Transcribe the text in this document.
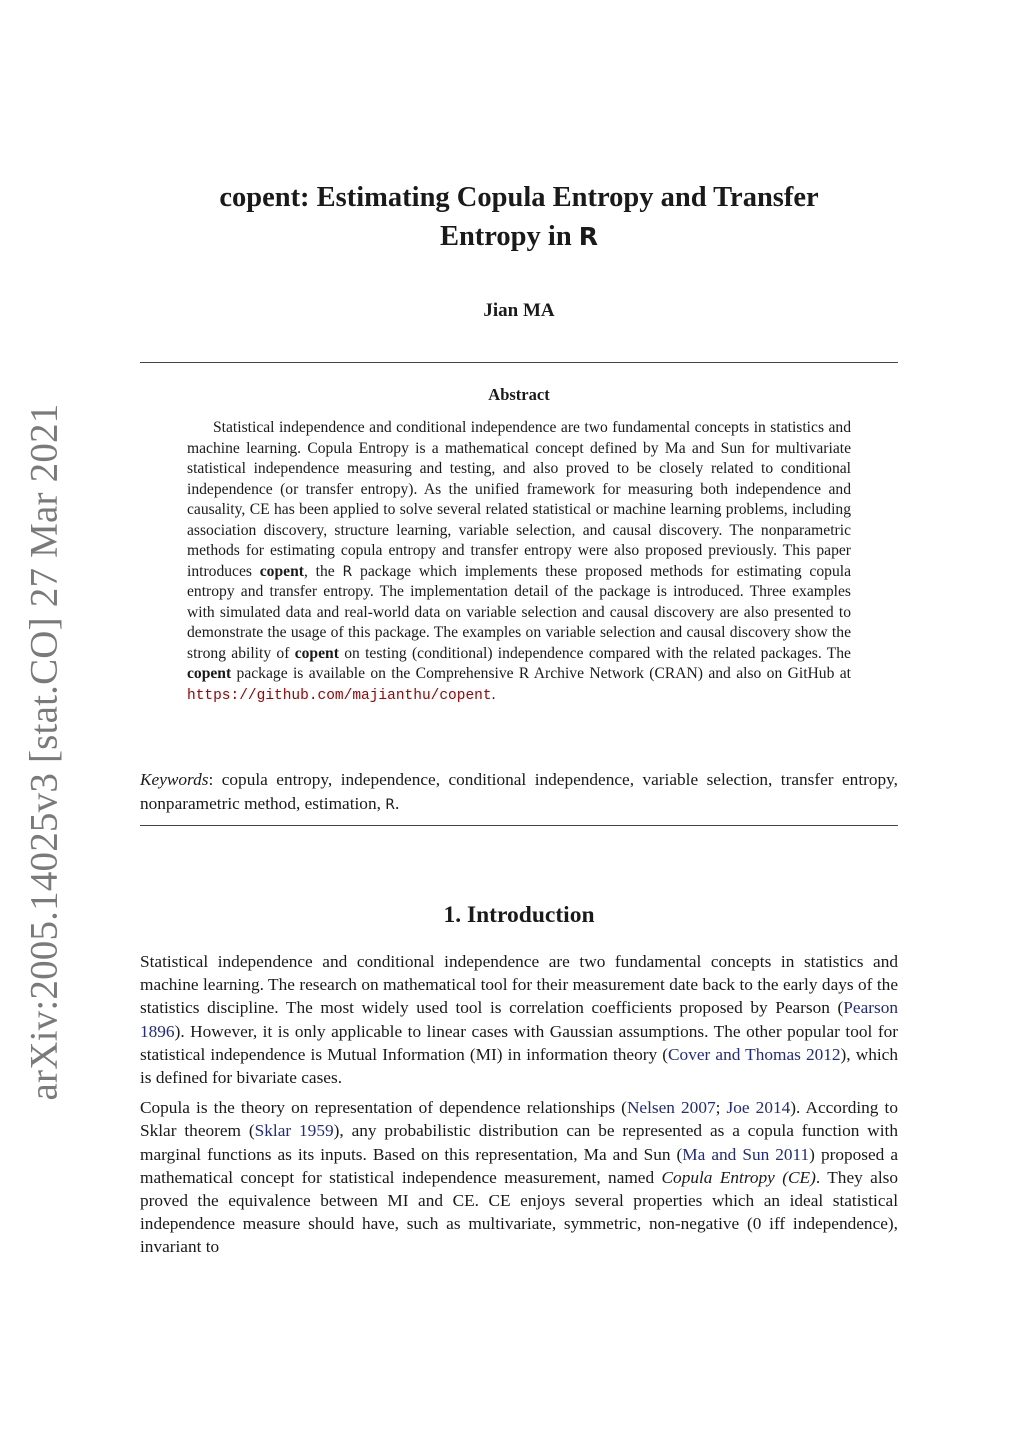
arXiv:2005.14025v3 [stat.CO] 27 Mar 2021
copent: Estimating Copula Entropy and Transfer
Entropy in R
Jian MA
Abstract

Statistical independence and conditional independence are two fundamental concepts in statistics and machine learning. Copula Entropy is a mathematical concept defined by Ma and Sun for multivariate statistical independence measuring and testing, and also proved to be closely related to conditional independence (or transfer entropy). As the unified framework for measuring both independence and causality, CE has been applied to solve several related statistical or machine learning problems, including association discovery, structure learning, variable selection, and causal discovery. The nonparametric methods for estimating copula entropy and transfer entropy were also proposed previously. This paper introduces copent, the R package which implements these proposed methods for estimating copula entropy and transfer entropy. The implementation detail of the package is introduced. Three examples with simulated data and real-world data on variable selection and causal discovery are also presented to demonstrate the usage of this package. The examples on variable selection and causal discovery show the strong ability of copent on testing (conditional) independence compared with the related packages. The copent package is available on the Comprehensive R Archive Network (CRAN) and also on GitHub at https://github.com/majianthu/copent.

Keywords: copula entropy, independence, conditional independence, variable selection, transfer entropy, nonparametric method, estimation, R.
1. Introduction

Statistical independence and conditional independence are two fundamental concepts in statistics and machine learning. The research on mathematical tool for their measurement date back to the early days of the statistics discipline. The most widely used tool is correlation coefficients proposed by Pearson (Pearson 1896). However, it is only applicable to linear cases with Gaussian assumptions. The other popular tool for statistical independence is Mutual Information (MI) in information theory (Cover and Thomas 2012), which is defined for bivariate cases.

Copula is the theory on representation of dependence relationships (Nelsen 2007; Joe 2014). According to Sklar theorem (Sklar 1959), any probabilistic distribution can be represented as a copula function with marginal functions as its inputs. Based on this representation, Ma and Sun (Ma and Sun 2011) proposed a mathematical concept for statistical independence measurement, named Copula Entropy (CE). They also proved the equivalence between MI and CE. CE enjoys several properties which an ideal statistical independence measure should have, such as multivariate, symmetric, non-negative (0 iff independence), invariant to
